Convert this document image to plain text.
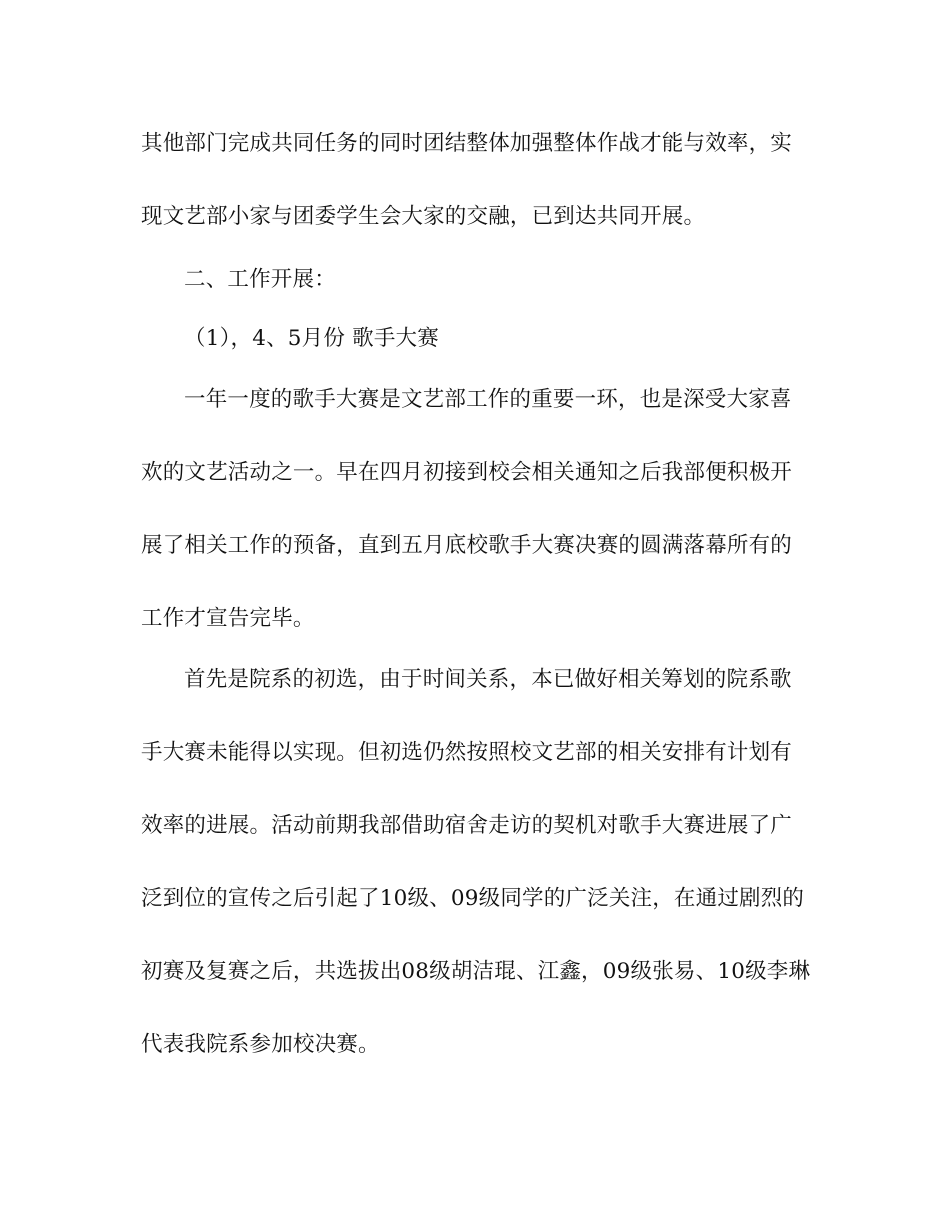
其他部门完成共同任务的同时团结整体加强整体作战才能与效率，实
现文艺部小家与团委学生会大家的交融，已到达共同开展。
二、工作开展：
（1），4、5月份 歌手大赛
一年一度的歌手大赛是文艺部工作的重要一环，也是深受大家喜
欢的文艺活动之一。早在四月初接到校会相关通知之后我部便积极开
展了相关工作的预备，直到五月底校歌手大赛决赛的圆满落幕所有的
工作才宣告完毕。
首先是院系的初选，由于时间关系，本已做好相关筹划的院系歌
手大赛未能得以实现。但初选仍然按照校文艺部的相关安排有计划有
效率的进展。活动前期我部借助宿舍走访的契机对歌手大赛进展了广
泛到位的宣传之后引起了10级、09级同学的广泛关注，在通过剧烈的
初赛及复赛之后，共选拔出08级胡洁琨、江鑫，09级张易、10级李琳
代表我院系参加校决赛。
